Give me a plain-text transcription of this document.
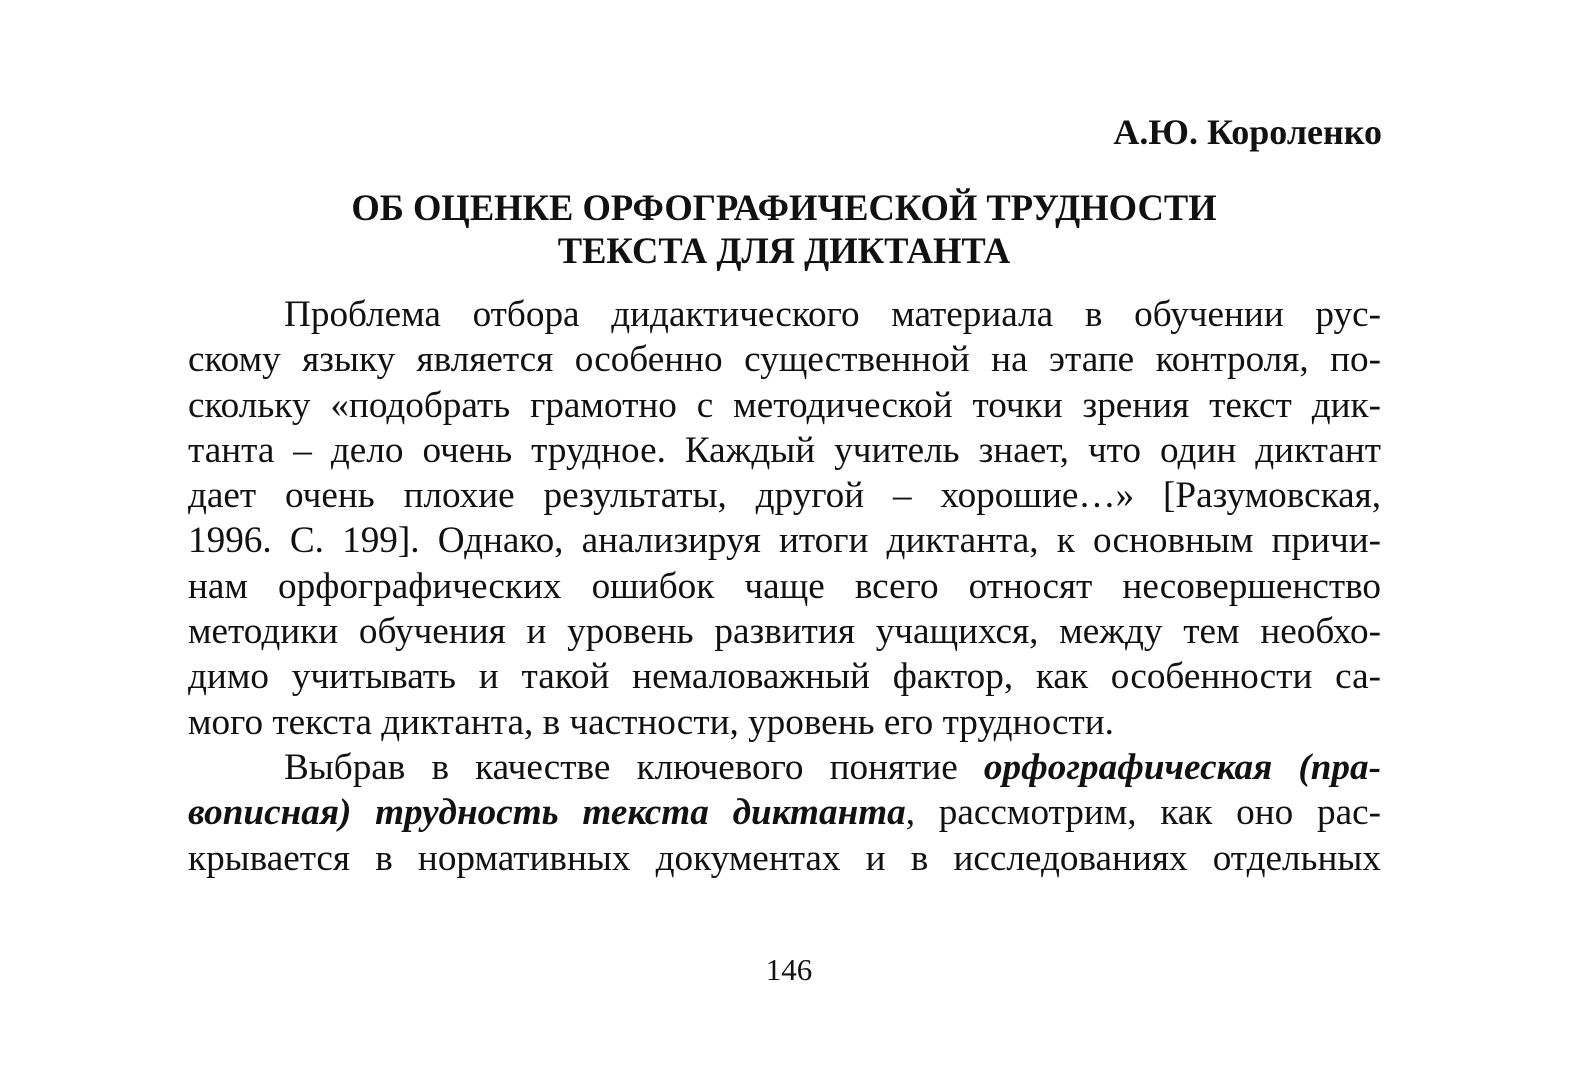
А.Ю. Короленко
ОБ ОЦЕНКЕ ОРФОГРАФИЧЕСКОЙ ТРУДНОСТИ
ТЕКСТА ДЛЯ ДИКТАНТА
Проблема отбора дидактического материала в обучении рус-
скому языку является особенно существенной на этапе контроля, по-
скольку «подобрать грамотно с методической точки зрения текст дик-
танта – дело очень трудное. Каждый учитель знает, что один диктант
дает очень плохие результаты, другой – хорошие…» [Разумовская,
1996. С. 199]. Однако, анализируя итоги диктанта, к основным причи-
нам орфографических ошибок чаще всего относят несовершенство
методики обучения и уровень развития учащихся, между тем необхо-
димо учитывать и такой немаловажный фактор, как особенности са-
мого текста диктанта, в частности, уровень его трудности.
Выбрав в качестве ключевого понятие орфографическая (пра-
вописная) трудность текста диктанта, рассмотрим, как оно рас-
крывается в нормативных документах и в исследованиях отдельных
146
